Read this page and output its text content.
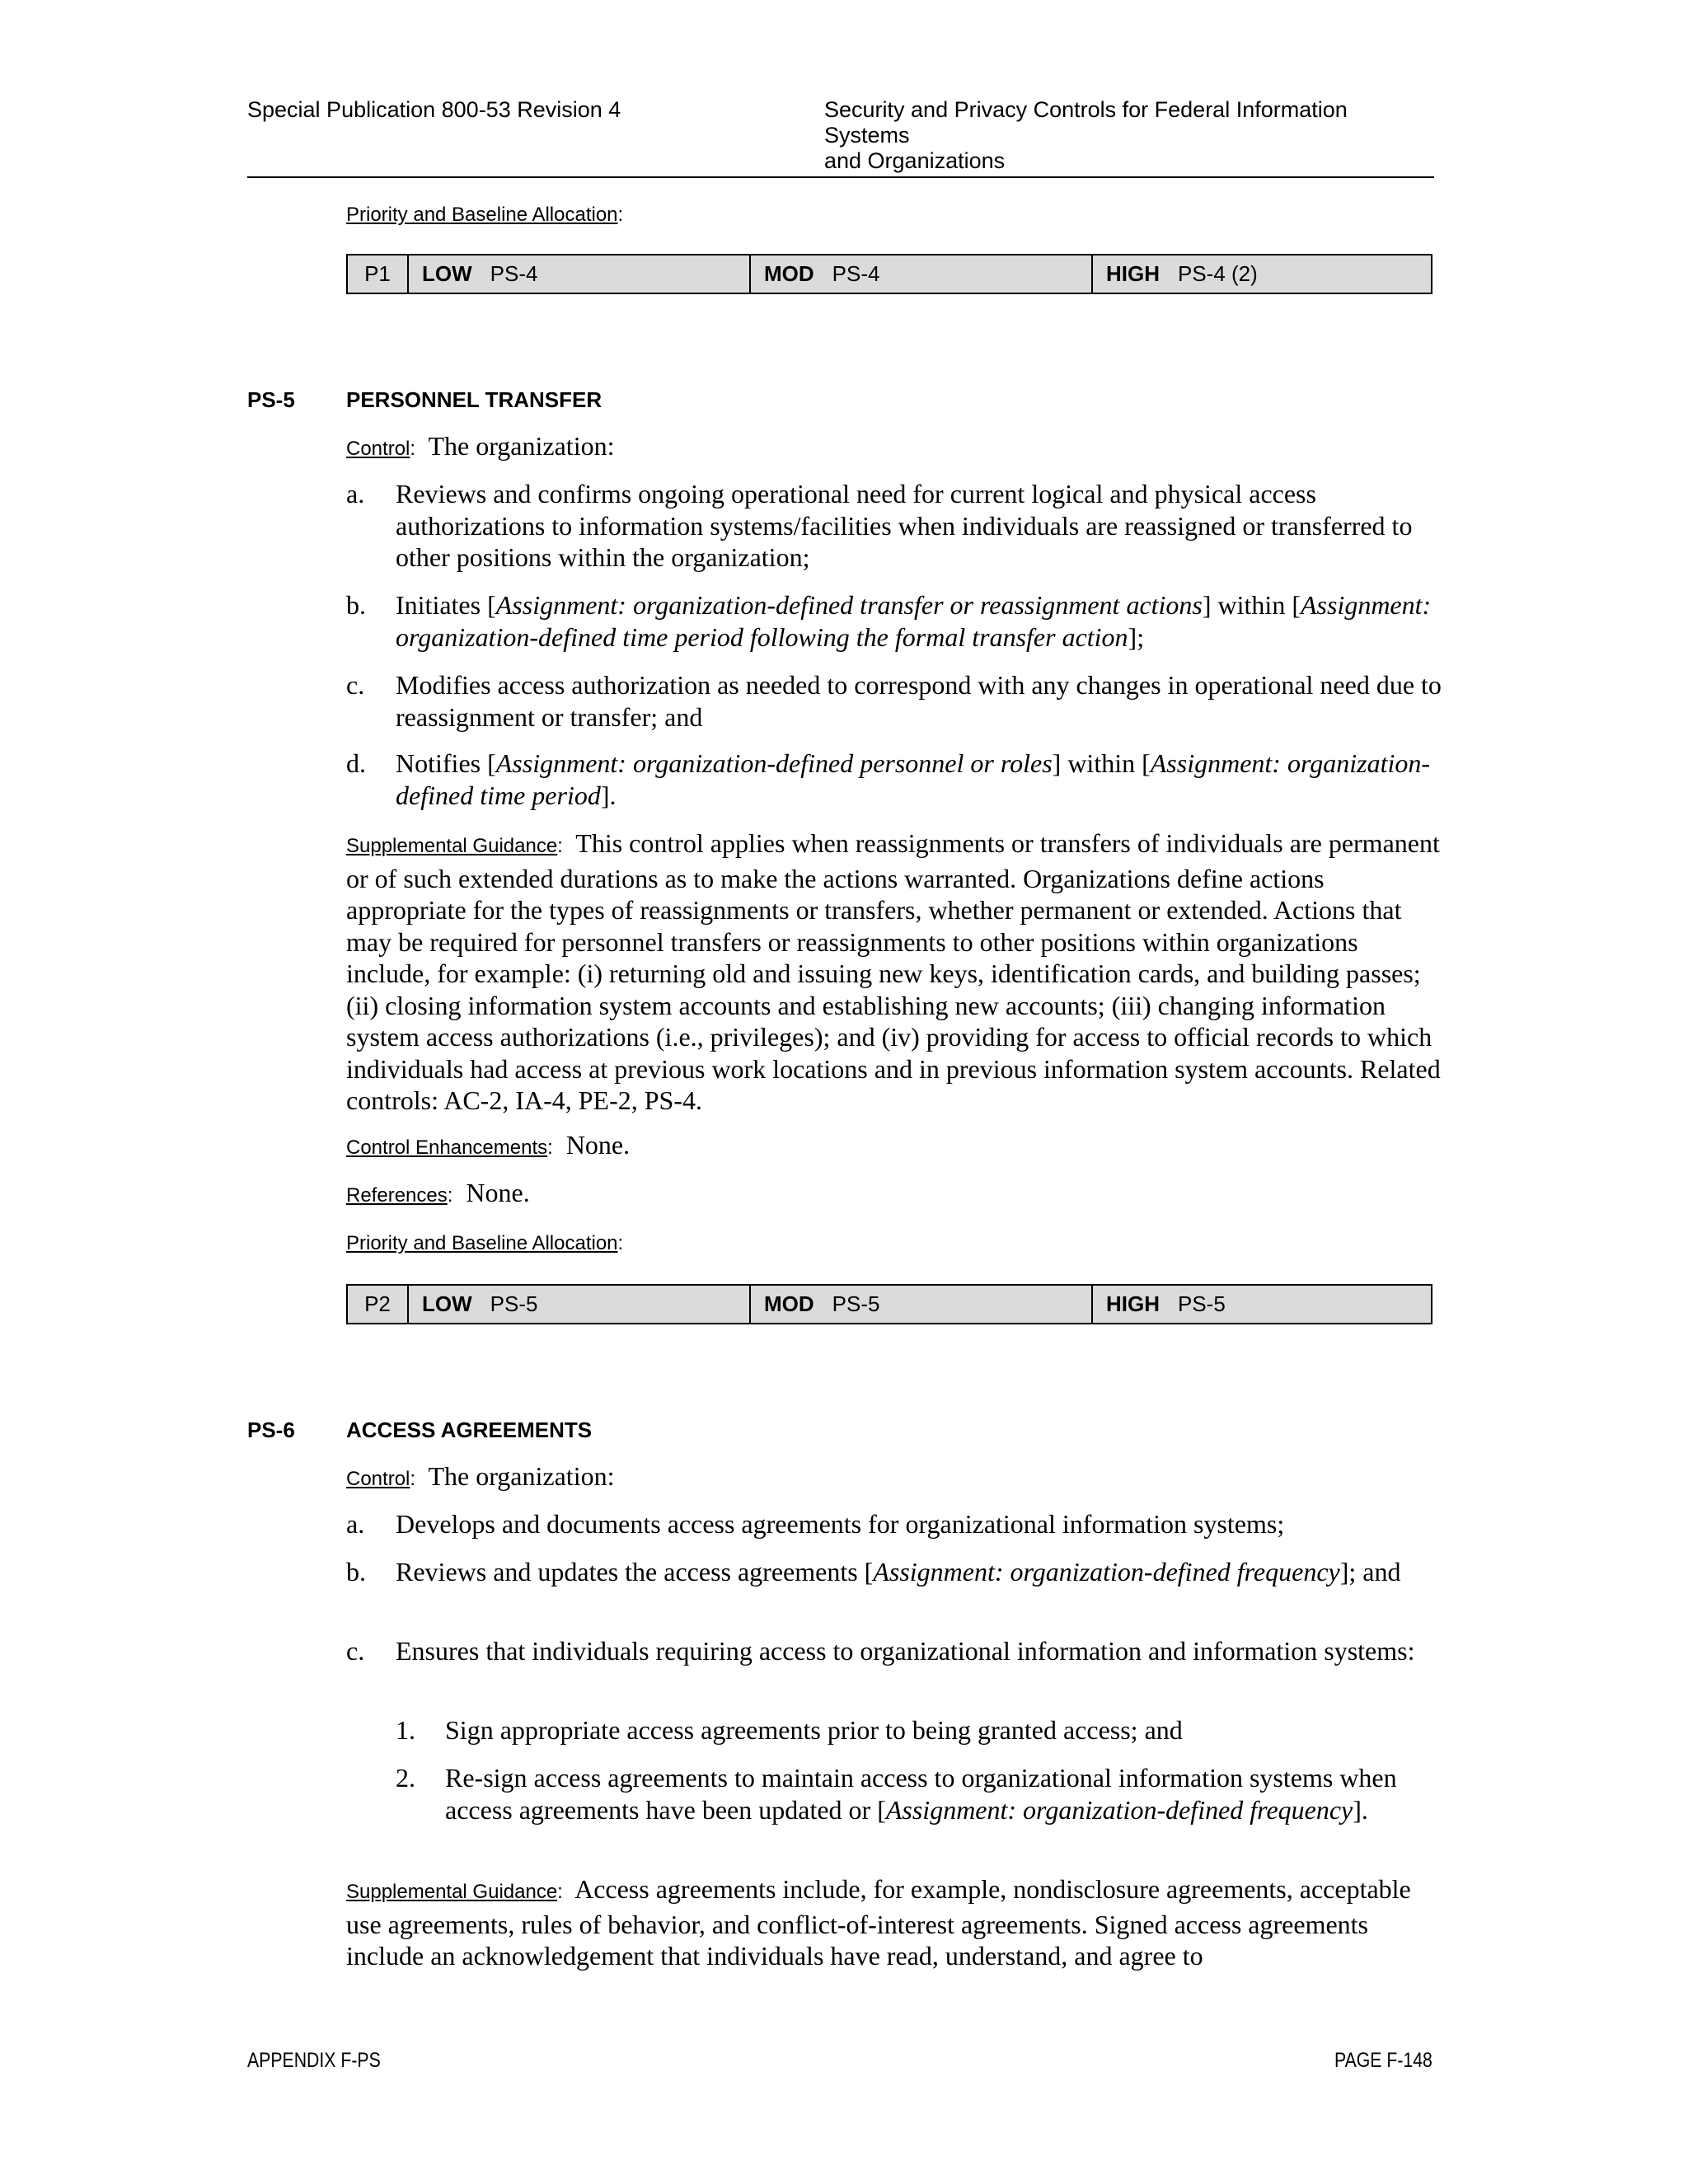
Special Publication 800-53 Revision 4	Security and Privacy Controls for Federal Information Systems
and Organizations
Priority and Baseline Allocation:
P1	LOW PS-4	MOD PS-4	HIGH PS-4 (2)
PS-5 PERSONNEL TRANSFER
Control: The organization:
a. Reviews and confirms ongoing operational need for current logical and physical access authorizations to information systems/facilities when individuals are reassigned or transferred to other positions within the organization;
b. Initiates [Assignment: organization-defined transfer or reassignment actions] within [Assignment: organization-defined time period following the formal transfer action];
c. Modifies access authorization as needed to correspond with any changes in operational need due to reassignment or transfer; and
d. Notifies [Assignment: organization-defined personnel or roles] within [Assignment: organization-defined time period].
Supplemental Guidance: This control applies when reassignments or transfers of individuals are permanent or of such extended durations as to make the actions warranted. Organizations define actions appropriate for the types of reassignments or transfers, whether permanent or extended. Actions that may be required for personnel transfers or reassignments to other positions within organizations include, for example: (i) returning old and issuing new keys, identification cards, and building passes; (ii) closing information system accounts and establishing new accounts; (iii) changing information system access authorizations (i.e., privileges); and (iv) providing for access to official records to which individuals had access at previous work locations and in previous information system accounts. Related controls: AC-2, IA-4, PE-2, PS-4.
Control Enhancements: None.
References: None.
Priority and Baseline Allocation:
P2	LOW PS-5	MOD PS-5	HIGH PS-5
PS-6 ACCESS AGREEMENTS
Control: The organization:
a. Develops and documents access agreements for organizational information systems;
b. Reviews and updates the access agreements [Assignment: organization-defined frequency]; and
c. Ensures that individuals requiring access to organizational information and information systems:
1. Sign appropriate access agreements prior to being granted access; and
2. Re-sign access agreements to maintain access to organizational information systems when access agreements have been updated or [Assignment: organization-defined frequency].
Supplemental Guidance: Access agreements include, for example, nondisclosure agreements, acceptable use agreements, rules of behavior, and conflict-of-interest agreements. Signed access agreements include an acknowledgement that individuals have read, understand, and agree to
APPENDIX F-PS	PAGE F-148
